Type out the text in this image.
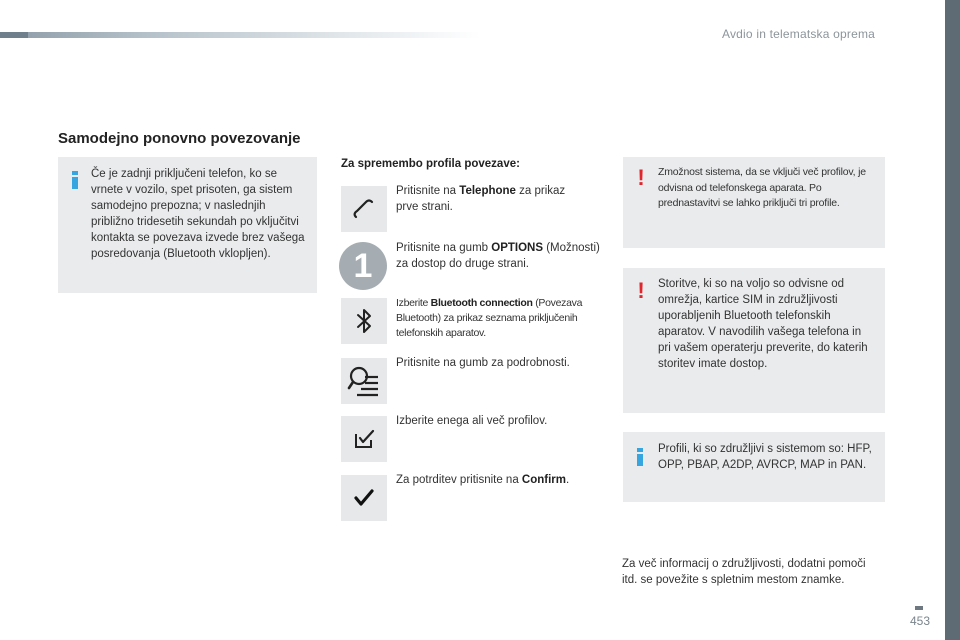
Avdio in telematska oprema
Samodejno ponovno povezovanje
Če je zadnji priključeni telefon, ko se vrnete v vozilo, spet prisoten, ga sistem samodejno prepozna; v naslednjih približno tridesetih sekundah po vključitvi kontakta se povezava izvede brez vašega posredovanja (Bluetooth vklopljen).
Za spremembo profila povezave:
Pritisnite na Telephone za prikaz prve strani.
1	Pritisnite na gumb OPTIONS (Možnosti) za dostop do druge strani.
Izberite Bluetooth connection (Povezava Bluetooth) za prikaz seznama priključenih telefonskih aparatov.
Pritisnite na gumb za podrobnosti.
Izberite enega ali več profilov.
Za potrditev pritisnite na Confirm.
! Zmožnost sistema, da se vključi več profilov, je odvisna od telefonskega aparata. Po prednastavitvi se lahko priključi tri profile.
! Storitve, ki so na voljo so odvisne od omrežja, kartice SIM in združljivosti uporabljenih Bluetooth telefonskih aparatov. V navodilih vašega telefona in pri vašem operaterju preverite, do katerih storitev imate dostop.
Profili, ki so združljivi s sistemom so: HFP, OPP, PBAP, A2DP, AVRCP, MAP in PAN.
Za več informacij o združljivosti, dodatni pomoči itd. se povežite s spletnim mestom znamke.
453
